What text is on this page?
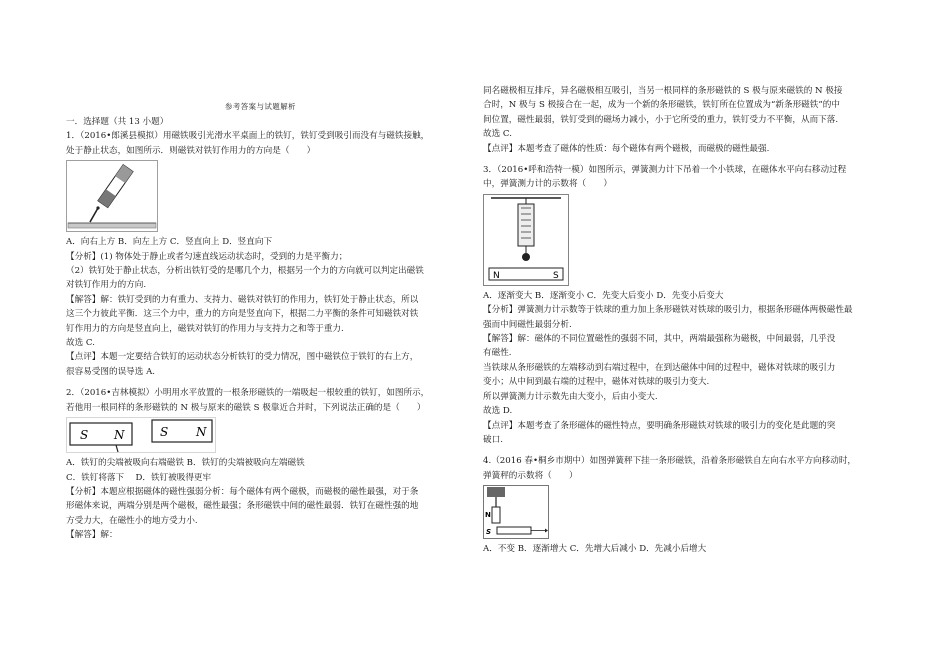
参考答案与试题解析

一．选择题（共 13 小题）

1．（2016•郎溪县模拟）用磁铁吸引光滑水平桌面上的铁钉，铁钉受到吸引而没有与磁铁接触，

处于静止状态，如图所示．则磁铁对铁钉作用力的方向是（　　）

A．向右上方 B．向左上方 C．竖直向上 D．竖直向下

【分析】(1) 物体处于静止或者匀速直线运动状态时，受到的力是平衡力；

（2）铁钉处于静止状态，分析出铁钉受的是哪几个力，根据另一个力的方向就可以判定出磁铁

对铁钉作用力的方向.

【解答】解：铁钉受到的力有重力、支持力、磁铁对铁钉的作用力，铁钉处于静止状态，所以

这三个力彼此平衡．这三个力中，重力的方向是竖直向下，根据二力平衡的条件可知磁铁对铁

钉作用力的方向是竖直向上，磁铁对铁钉的作用力与支持力之和等于重力.

故选 C.

【点评】本题一定要结合铁钉的运动状态分析铁钉的受力情况，图中磁铁位于铁钉的右上方，

很容易受图的误导选 A.

2．（2016•吉林模拟）小明用水平放置的一根条形磁铁的一端吸起一根较重的铁钉，如图所示，

若他用一根同样的条形磁铁的 N 极与原来的磁铁 S 极靠近合并时，下列说法正确的是（　　）

S N	S N

A．铁钉的尖端被吸向右端磁铁 B．铁钉的尖端被吸向左端磁铁

C．铁钉将落下　 D．铁钉被吸得更牢

【分析】本题应根据磁体的磁性强弱分析：每个磁体有两个磁极，而磁极的磁性最强，对于条

形磁体来说，两端分别是两个磁极，磁性最强；条形磁铁中间的磁性最弱．铁钉在磁性强的地

方受力大，在磁性小的地方受力小.

【解答】解：

同名磁极相互排斥，异名磁极相互吸引，当另一根同样的条形磁铁的 S 极与原来磁铁的 N 极接

合时，N 极与 S 极接合在一起，成为一个新的条形磁铁，铁钉所在位置成为“新条形磁铁”的中

间位置，磁性最弱，铁钉受到的磁场力减小，小于它所受的重力，铁钉受力不平衡，从而下落.

故选 C.

【点评】本题考查了磁体的性质：每个磁体有两个磁极，而磁极的磁性最强.

3．（2016•呼和浩特一模）如图所示，弹簧测力计下吊着一个小铁球，在磁体水平向右移动过程

中，弹簧测力计的示数将（　　）

N	S

A．逐渐变大 B．逐渐变小 C．先变大后变小 D．先变小后变大

【分析】弹簧测力计示数等于铁球的重力加上条形磁铁对铁球的吸引力，根据条形磁体两极磁性最

强而中间磁性最弱分析.

【解答】解：磁体的不同位置磁性的强弱不同，其中，两端最强称为磁极，中间最弱，几乎没

有磁性.

当铁球从条形磁铁的左端移动到右端过程中，在到达磁体中间的过程中，磁体对铁球的吸引力

变小；从中间到最右端的过程中，磁体对铁球的吸引力变大.

所以弹簧测力计示数先由大变小，后由小变大.

故选 D.

【点评】本题考查了条形磁体的磁性特点，要明确条形磁铁对铁球的吸引力的变化是此题的突

破口.

4.（2016 春•桐乡市期中）如图弹簧秤下挂一条形磁铁，沿着条形磁铁自左向右水平方向移动时，

弹簧秤的示数将（　　）

N
S

A．不变 B．逐渐增大 C．先增大后减小 D．先减小后增大
